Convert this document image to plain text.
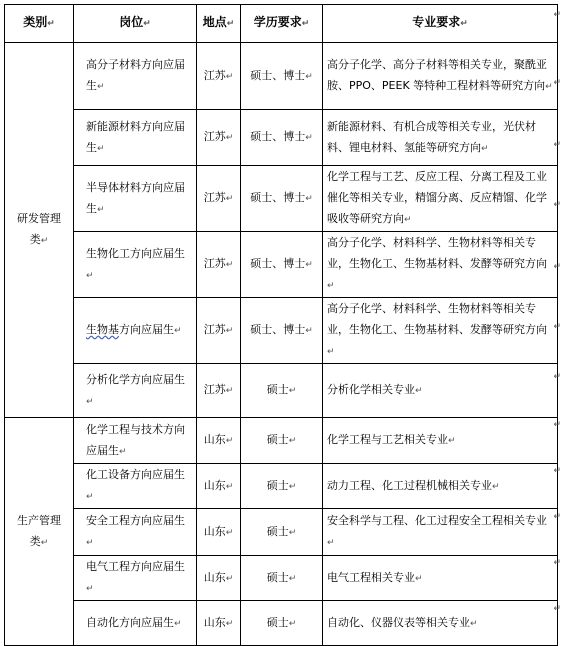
类别↵	岗位↵	地点↵	学历要求↵	专业要求↵
研发管理类↵	高分子材料方向应届生↵	江苏↵	硕士、博士↵	高分子化学、高分子材料等相关专业，聚酰亚胺、PPO、PEEK 等特种工程材料等研究方向↵
	新能源材料方向应届生↵	江苏↵	硕士、博士↵	新能源材料、有机合成等相关专业，光伏材料、锂电材料、氢能等研究方向↵
	半导体材料方向应届生↵	江苏↵	硕士、博士↵	化学工程与工艺、反应工程、分离工程及工业催化等相关专业，精馏分离、反应精馏、化学吸收等研究方向↵
	生物化工方向应届生↵	江苏↵	硕士、博士↵	高分子化学、材料科学、生物材料等相关专业，生物化工、生物基材料、发酵等研究方向↵
	生物基方向应届生↵	江苏↵	硕士、博士↵	高分子化学、材料科学、生物材料等相关专业，生物化工、生物基材料、发酵等研究方向↵
	分析化学方向应届生↵	江苏↵	硕士↵	分析化学相关专业↵
生产管理类↵	化学工程与技术方向应届生↵	山东↵	硕士↵	化学工程与工艺相关专业↵
	化工设备方向应届生↵	山东↵	硕士↵	动力工程、化工过程机械相关专业↵
	安全工程方向应届生↵	山东↵	硕士↵	安全科学与工程、化工过程安全工程相关专业↵
	电气工程方向应届生↵	山东↵	硕士↵	电气工程相关专业↵
	自动化方向应届生↵	山东↵	硕士↵	自动化、仪器仪表等相关专业↵
↵
↵
↵
↵
↵
↵
↵
↵
↵
↵
↵
↵
